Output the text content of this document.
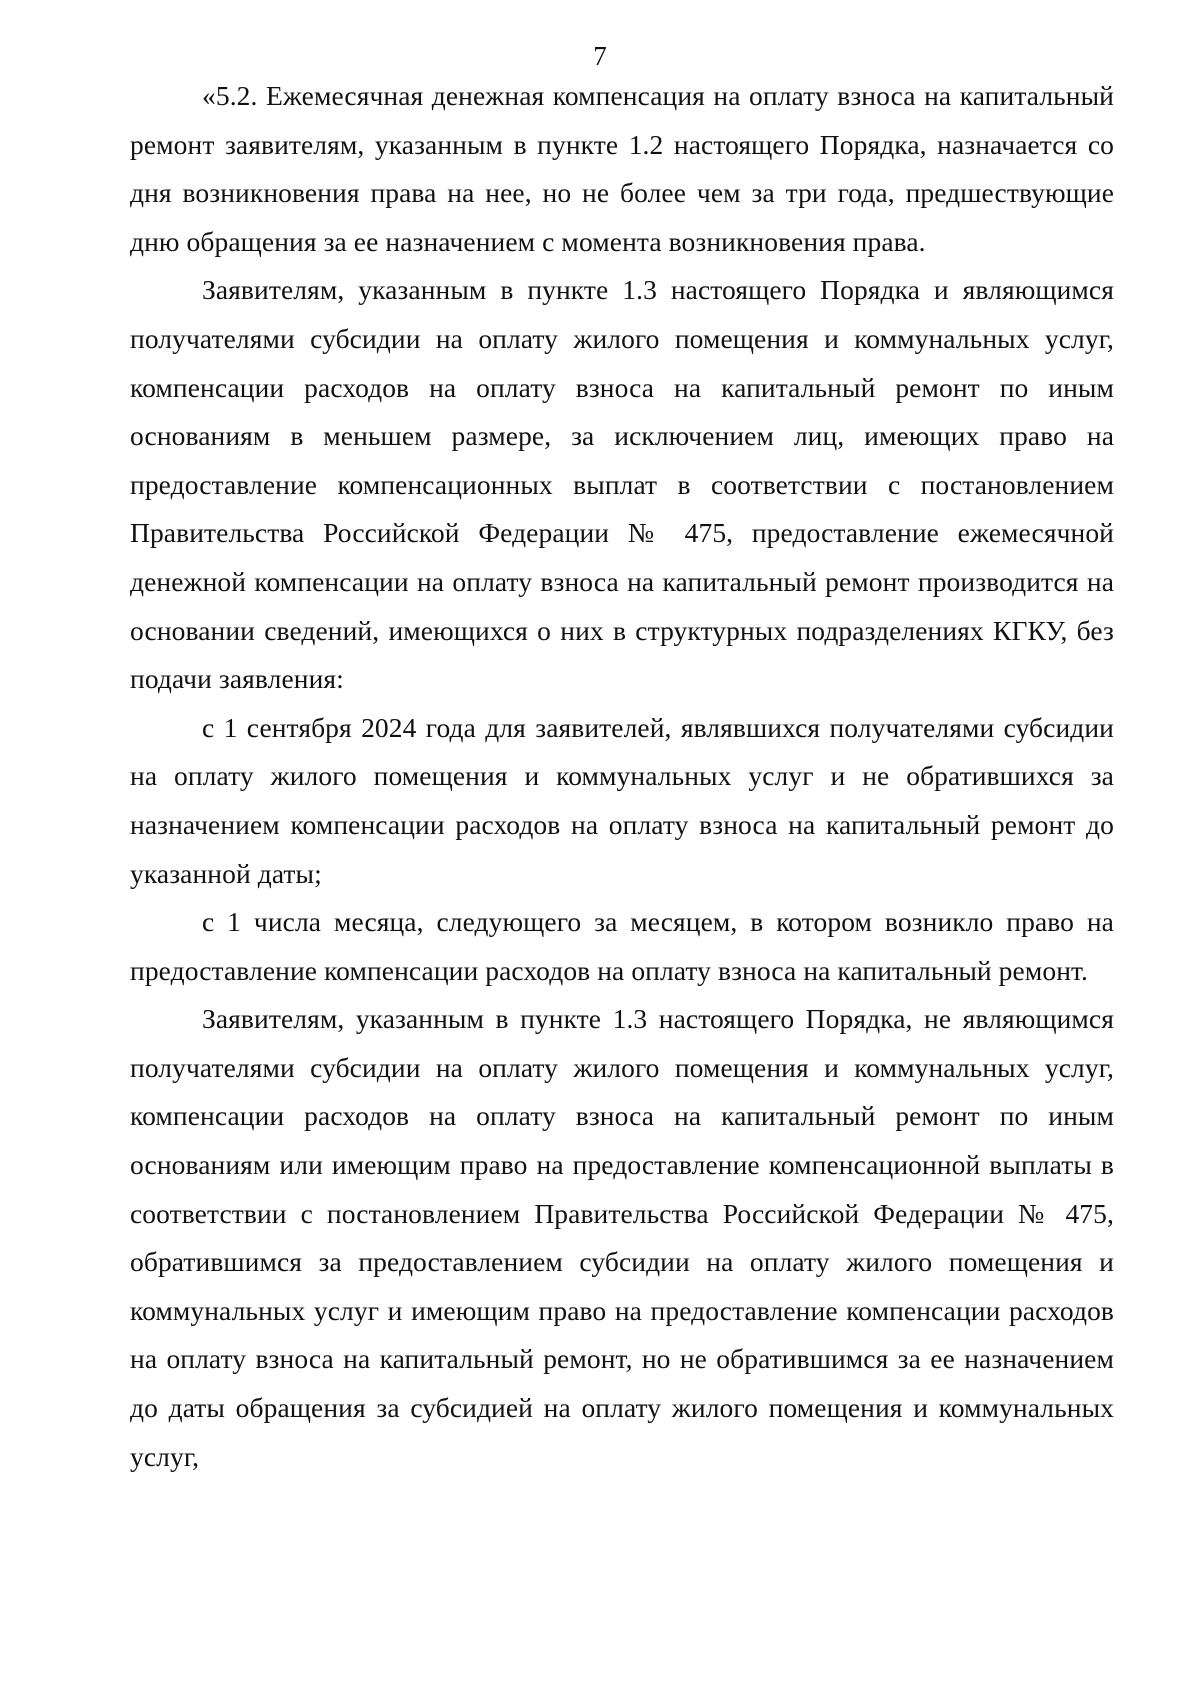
7

«5.2. Ежемесячная денежная компенсация на оплату взноса на капитальный ремонт заявителям, указанным в пункте 1.2 настоящего Порядка, назначается со дня возникновения права на нее, но не более чем за три года, предшествующие дню обращения за ее назначением с момента возникновения права.

Заявителям, указанным в пункте 1.3 настоящего Порядка и являющимся получателями субсидии на оплату жилого помещения и коммунальных услуг, компенсации расходов на оплату взноса на капитальный ремонт по иным основаниям в меньшем размере, за исключением лиц, имеющих право на предоставление компенсационных выплат в соответствии с постановлением Правительства Российской Федерации № 475, предоставление ежемесячной денежной компенсации на оплату взноса на капитальный ремонт производится на основании сведений, имеющихся о них в структурных подразделениях КГКУ, без подачи заявления:

с 1 сентября 2024 года для заявителей, являвшихся получателями субсидии на оплату жилого помещения и коммунальных услуг и не обратившихся за назначением компенсации расходов на оплату взноса на капитальный ремонт до указанной даты;

с 1 числа месяца, следующего за месяцем, в котором возникло право на предоставление компенсации расходов на оплату взноса на капитальный ремонт.

Заявителям, указанным в пункте 1.3 настоящего Порядка, не являющимся получателями субсидии на оплату жилого помещения и коммунальных услуг, компенсации расходов на оплату взноса на капитальный ремонт по иным основаниям или имеющим право на предоставление компенсационной выплаты в соответствии с постановлением Правительства Российской Федерации № 475, обратившимся за предоставлением субсидии на оплату жилого помещения и коммунальных услуг и имеющим право на предоставление компенсации расходов на оплату взноса на капитальный ремонт, но не обратившимся за ее назначением до даты обращения за субсидией на оплату жилого помещения и коммунальных услуг,
